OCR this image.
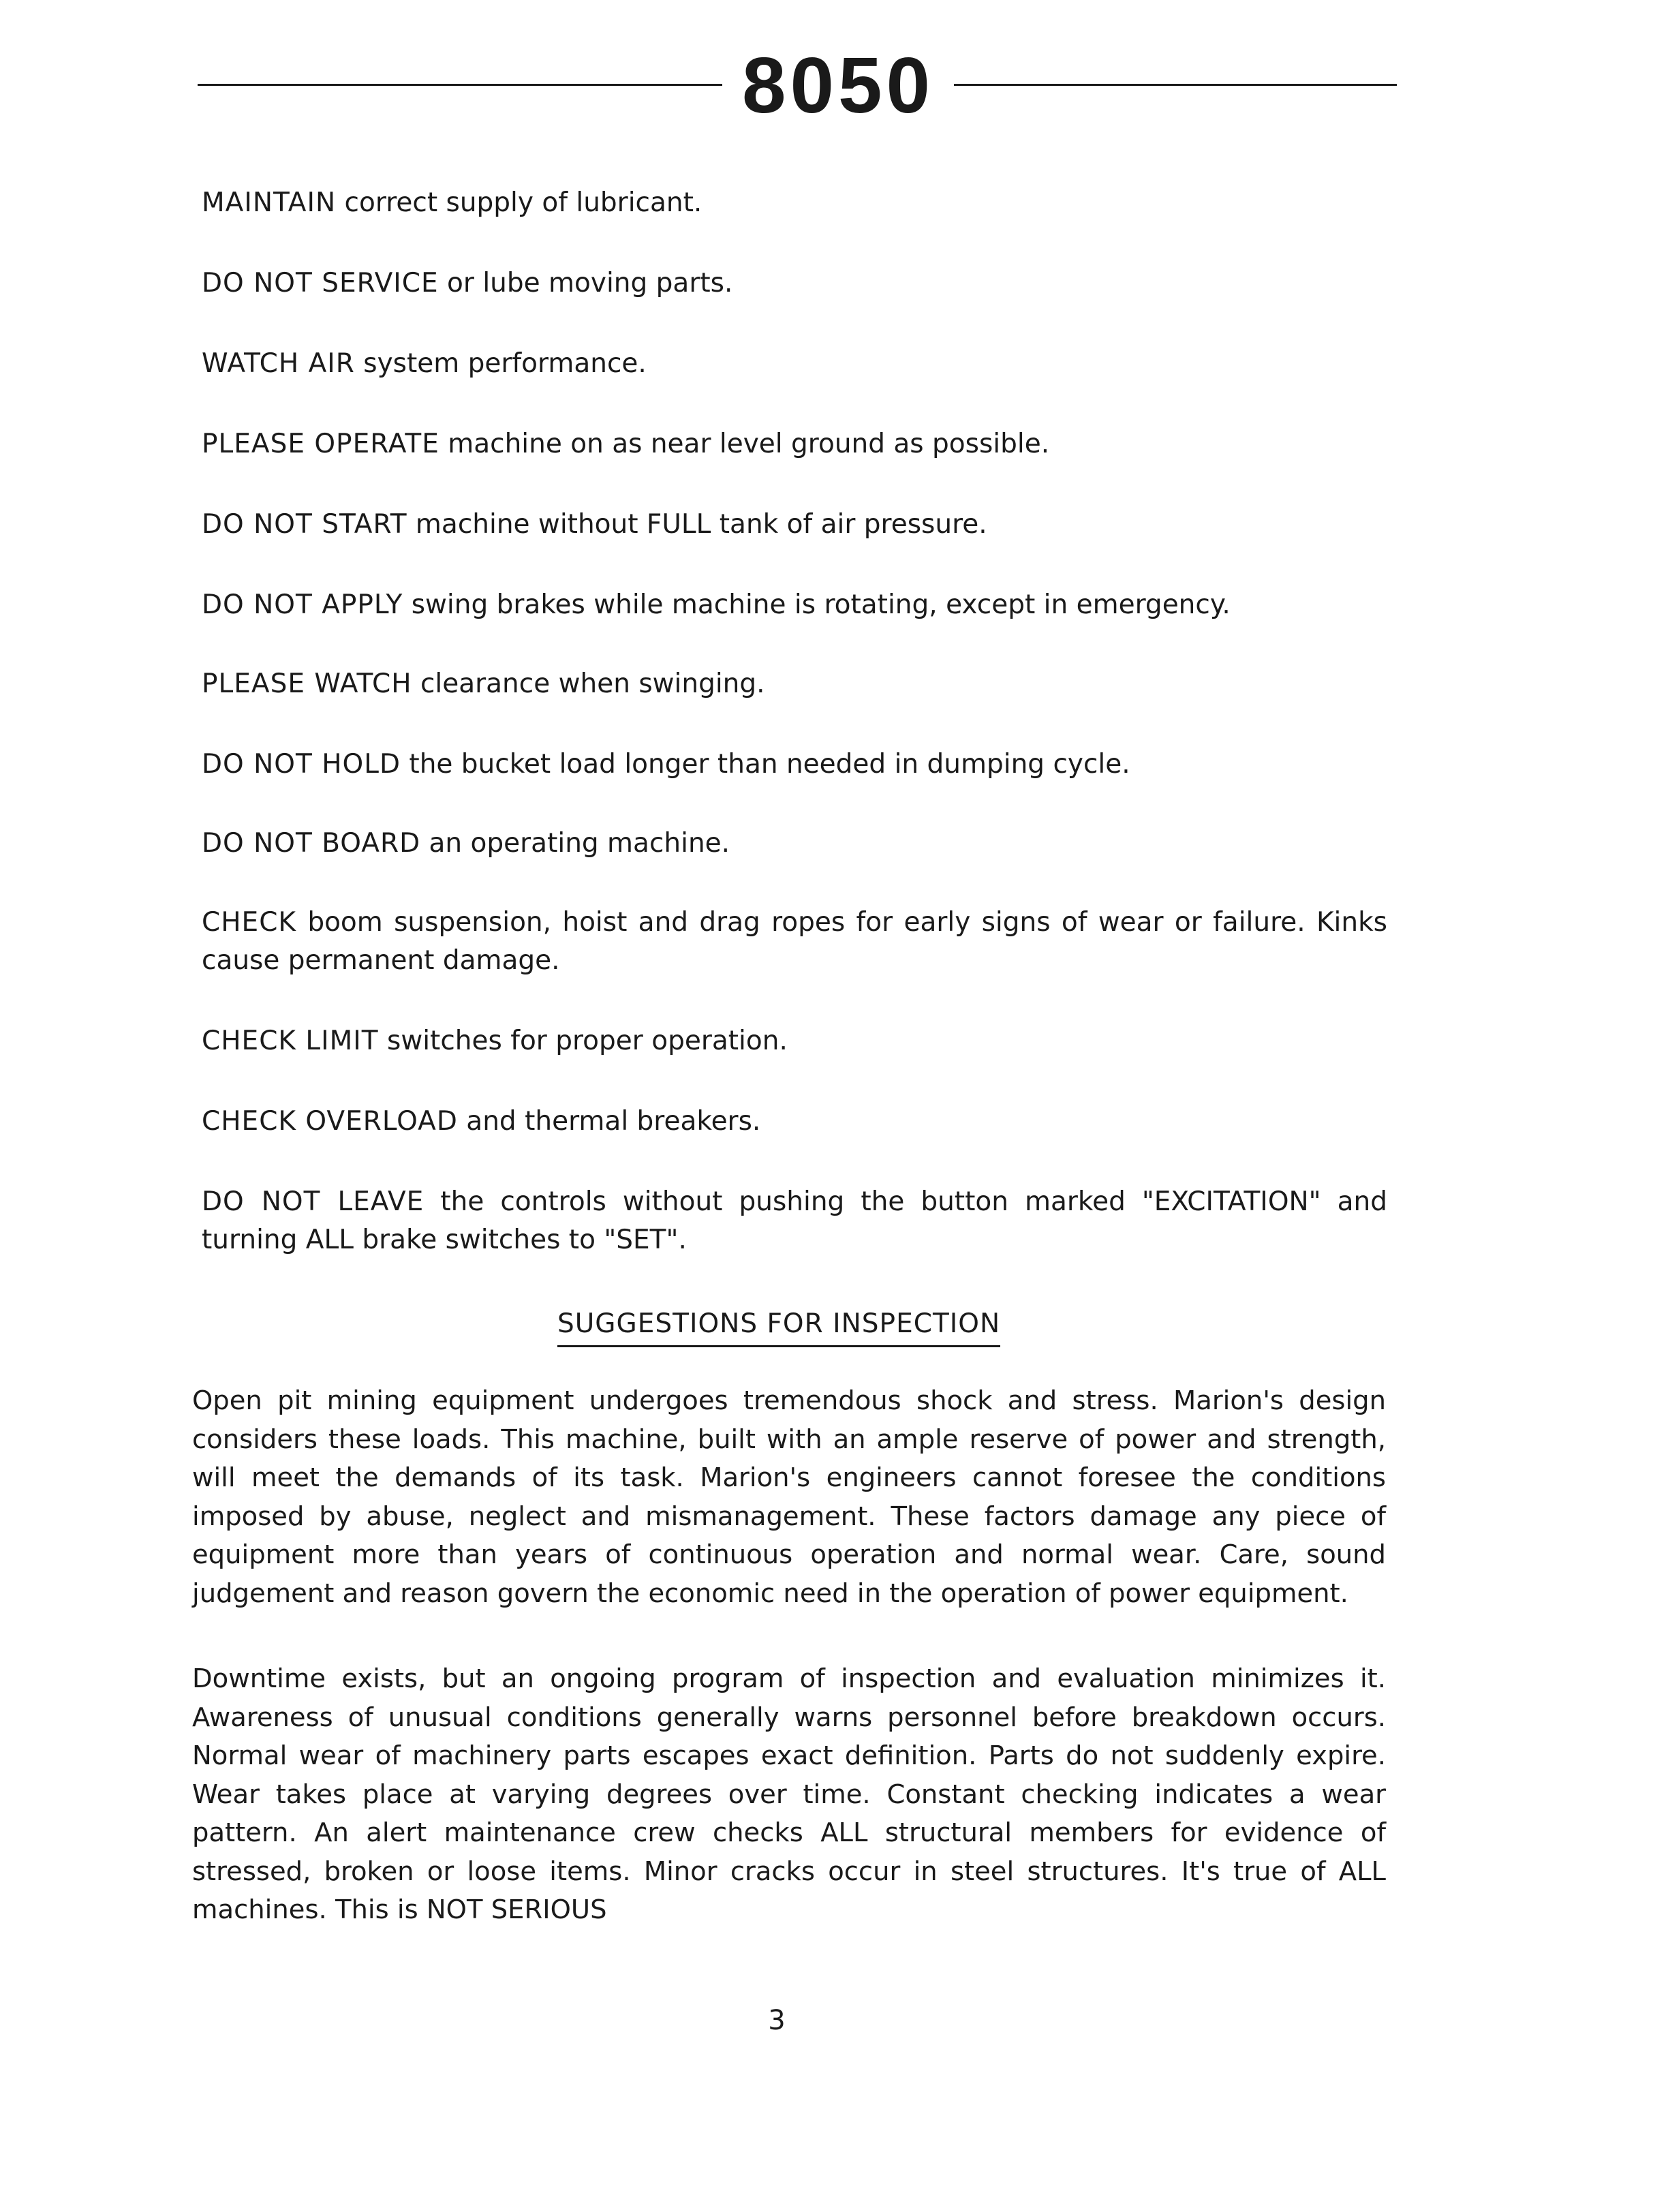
8050

MAINTAIN correct supply of lubricant.

DO NOT SERVICE or lube moving parts.

WATCH AIR system performance.

PLEASE OPERATE machine on as near level ground as possible.

DO NOT START machine without FULL tank of air pressure.

DO NOT APPLY swing brakes while machine is rotating, except in emergency.

PLEASE WATCH clearance when swinging.

DO NOT HOLD the bucket load longer than needed in dumping cycle.

DO NOT BOARD an operating machine.

CHECK boom suspension, hoist and drag ropes for early signs of wear or failure. Kinks cause permanent damage.

CHECK LIMIT switches for proper operation.

CHECK OVERLOAD and thermal breakers.

DO NOT LEAVE the controls without pushing the button marked "EXCITATION" and turning ALL brake switches to "SET".

SUGGESTIONS FOR INSPECTION

Open pit mining equipment undergoes tremendous shock and stress. Marion's design considers these loads. This machine, built with an ample reserve of power and strength, will meet the demands of its task. Marion's engineers cannot foresee the conditions imposed by abuse, neglect and mismanagement. These factors damage any piece of equipment more than years of continuous operation and normal wear. Care, sound judgement and reason govern the economic need in the operation of power equipment.

Downtime exists, but an ongoing program of inspection and evaluation minimizes it. Awareness of unusual conditions generally warns personnel before breakdown occurs. Normal wear of machinery parts escapes exact definition. Parts do not suddenly expire. Wear takes place at varying degrees over time. Constant checking indicates a wear pattern. An alert maintenance crew checks ALL structural members for evidence of stressed, broken or loose items. Minor cracks occur in steel structures. It's true of ALL machines. This is NOT SERIOUS

3
